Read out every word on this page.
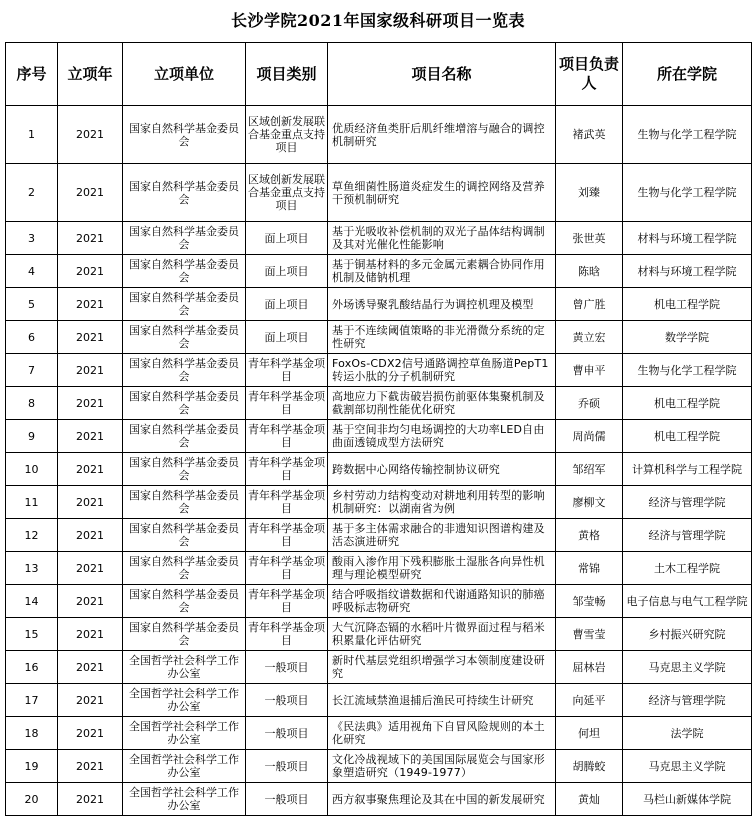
长沙学院2021年国家级科研项目一览表
序号	立项年	立项单位	项目类别	项目名称	项目负责人	所在学院
1	2021	国家自然科学基金委员会	区域创新发展联合基金重点支持项目	优质经济鱼类肝后肌纤维增溶与融合的调控机制研究	褚武英	生物与化学工程学院
2	2021	国家自然科学基金委员会	区域创新发展联合基金重点支持项目	草鱼细菌性肠道炎症发生的调控网络及营养干预机制研究	刘臻	生物与化学工程学院
3	2021	国家自然科学基金委员会	面上项目	基于光吸收补偿机制的双光子晶体结构调制及其对光催化性能影响	张世英	材料与环境工程学院
4	2021	国家自然科学基金委员会	面上项目	基于铜基材料的多元金属元素耦合协同作用机制及储钠机理	陈晗	材料与环境工程学院
5	2021	国家自然科学基金委员会	面上项目	外场诱导聚乳酸结晶行为调控机理及模型	曾广胜	机电工程学院
6	2021	国家自然科学基金委员会	面上项目	基于不连续阈值策略的非光滑微分系统的定性研究	黄立宏	数学学院
7	2021	国家自然科学基金委员会	青年科学基金项目	FoxOs-CDX2信号通路调控草鱼肠道PepT1转运小肽的分子机制研究	曹申平	生物与化学工程学院
8	2021	国家自然科学基金委员会	青年科学基金项目	高地应力下截齿破岩损伤前驱体集聚机制及截割部切削性能优化研究	乔硕	机电工程学院
9	2021	国家自然科学基金委员会	青年科学基金项目	基于空间非均匀电场调控的大功率LED自由曲面透镜成型方法研究	周尚儒	机电工程学院
10	2021	国家自然科学基金委员会	青年科学基金项目	跨数据中心网络传输控制协议研究	邹绍军	计算机科学与工程学院
11	2021	国家自然科学基金委员会	青年科学基金项目	乡村劳动力结构变动对耕地利用转型的影响机制研究：以湖南省为例	廖柳文	经济与管理学院
12	2021	国家自然科学基金委员会	青年科学基金项目	基于多主体需求融合的非遗知识图谱构建及活态演进研究	黄格	经济与管理学院
13	2021	国家自然科学基金委员会	青年科学基金项目	酸雨入渗作用下残积膨胀土湿胀各向异性机理与理论模型研究	常锦	土木工程学院
14	2021	国家自然科学基金委员会	青年科学基金项目	结合呼吸指纹谱数据和代谢通路知识的肺癌呼吸标志物研究	邹莹畅	电子信息与电气工程学院
15	2021	国家自然科学基金委员会	青年科学基金项目	大气沉降态镉的水稻叶片微界面过程与稻米积累量化评估研究	曹雪莹	乡村振兴研究院
16	2021	全国哲学社会科学工作办公室	一般项目	新时代基层党组织增强学习本领制度建设研究	屈林岩	马克思主义学院
17	2021	全国哲学社会科学工作办公室	一般项目	长江流域禁渔退捕后渔民可持续生计研究	向延平	经济与管理学院
18	2021	全国哲学社会科学工作办公室	一般项目	《民法典》适用视角下自冒风险规则的本土化研究	何坦	法学院
19	2021	全国哲学社会科学工作办公室	一般项目	文化冷战视域下的美国国际展览会与国家形象塑造研究（1949-1977）	胡腾蛟	马克思主义学院
20	2021	全国哲学社会科学工作办公室	一般项目	西方叙事聚焦理论及其在中国的新发展研究	黄灿	马栏山新媒体学院
